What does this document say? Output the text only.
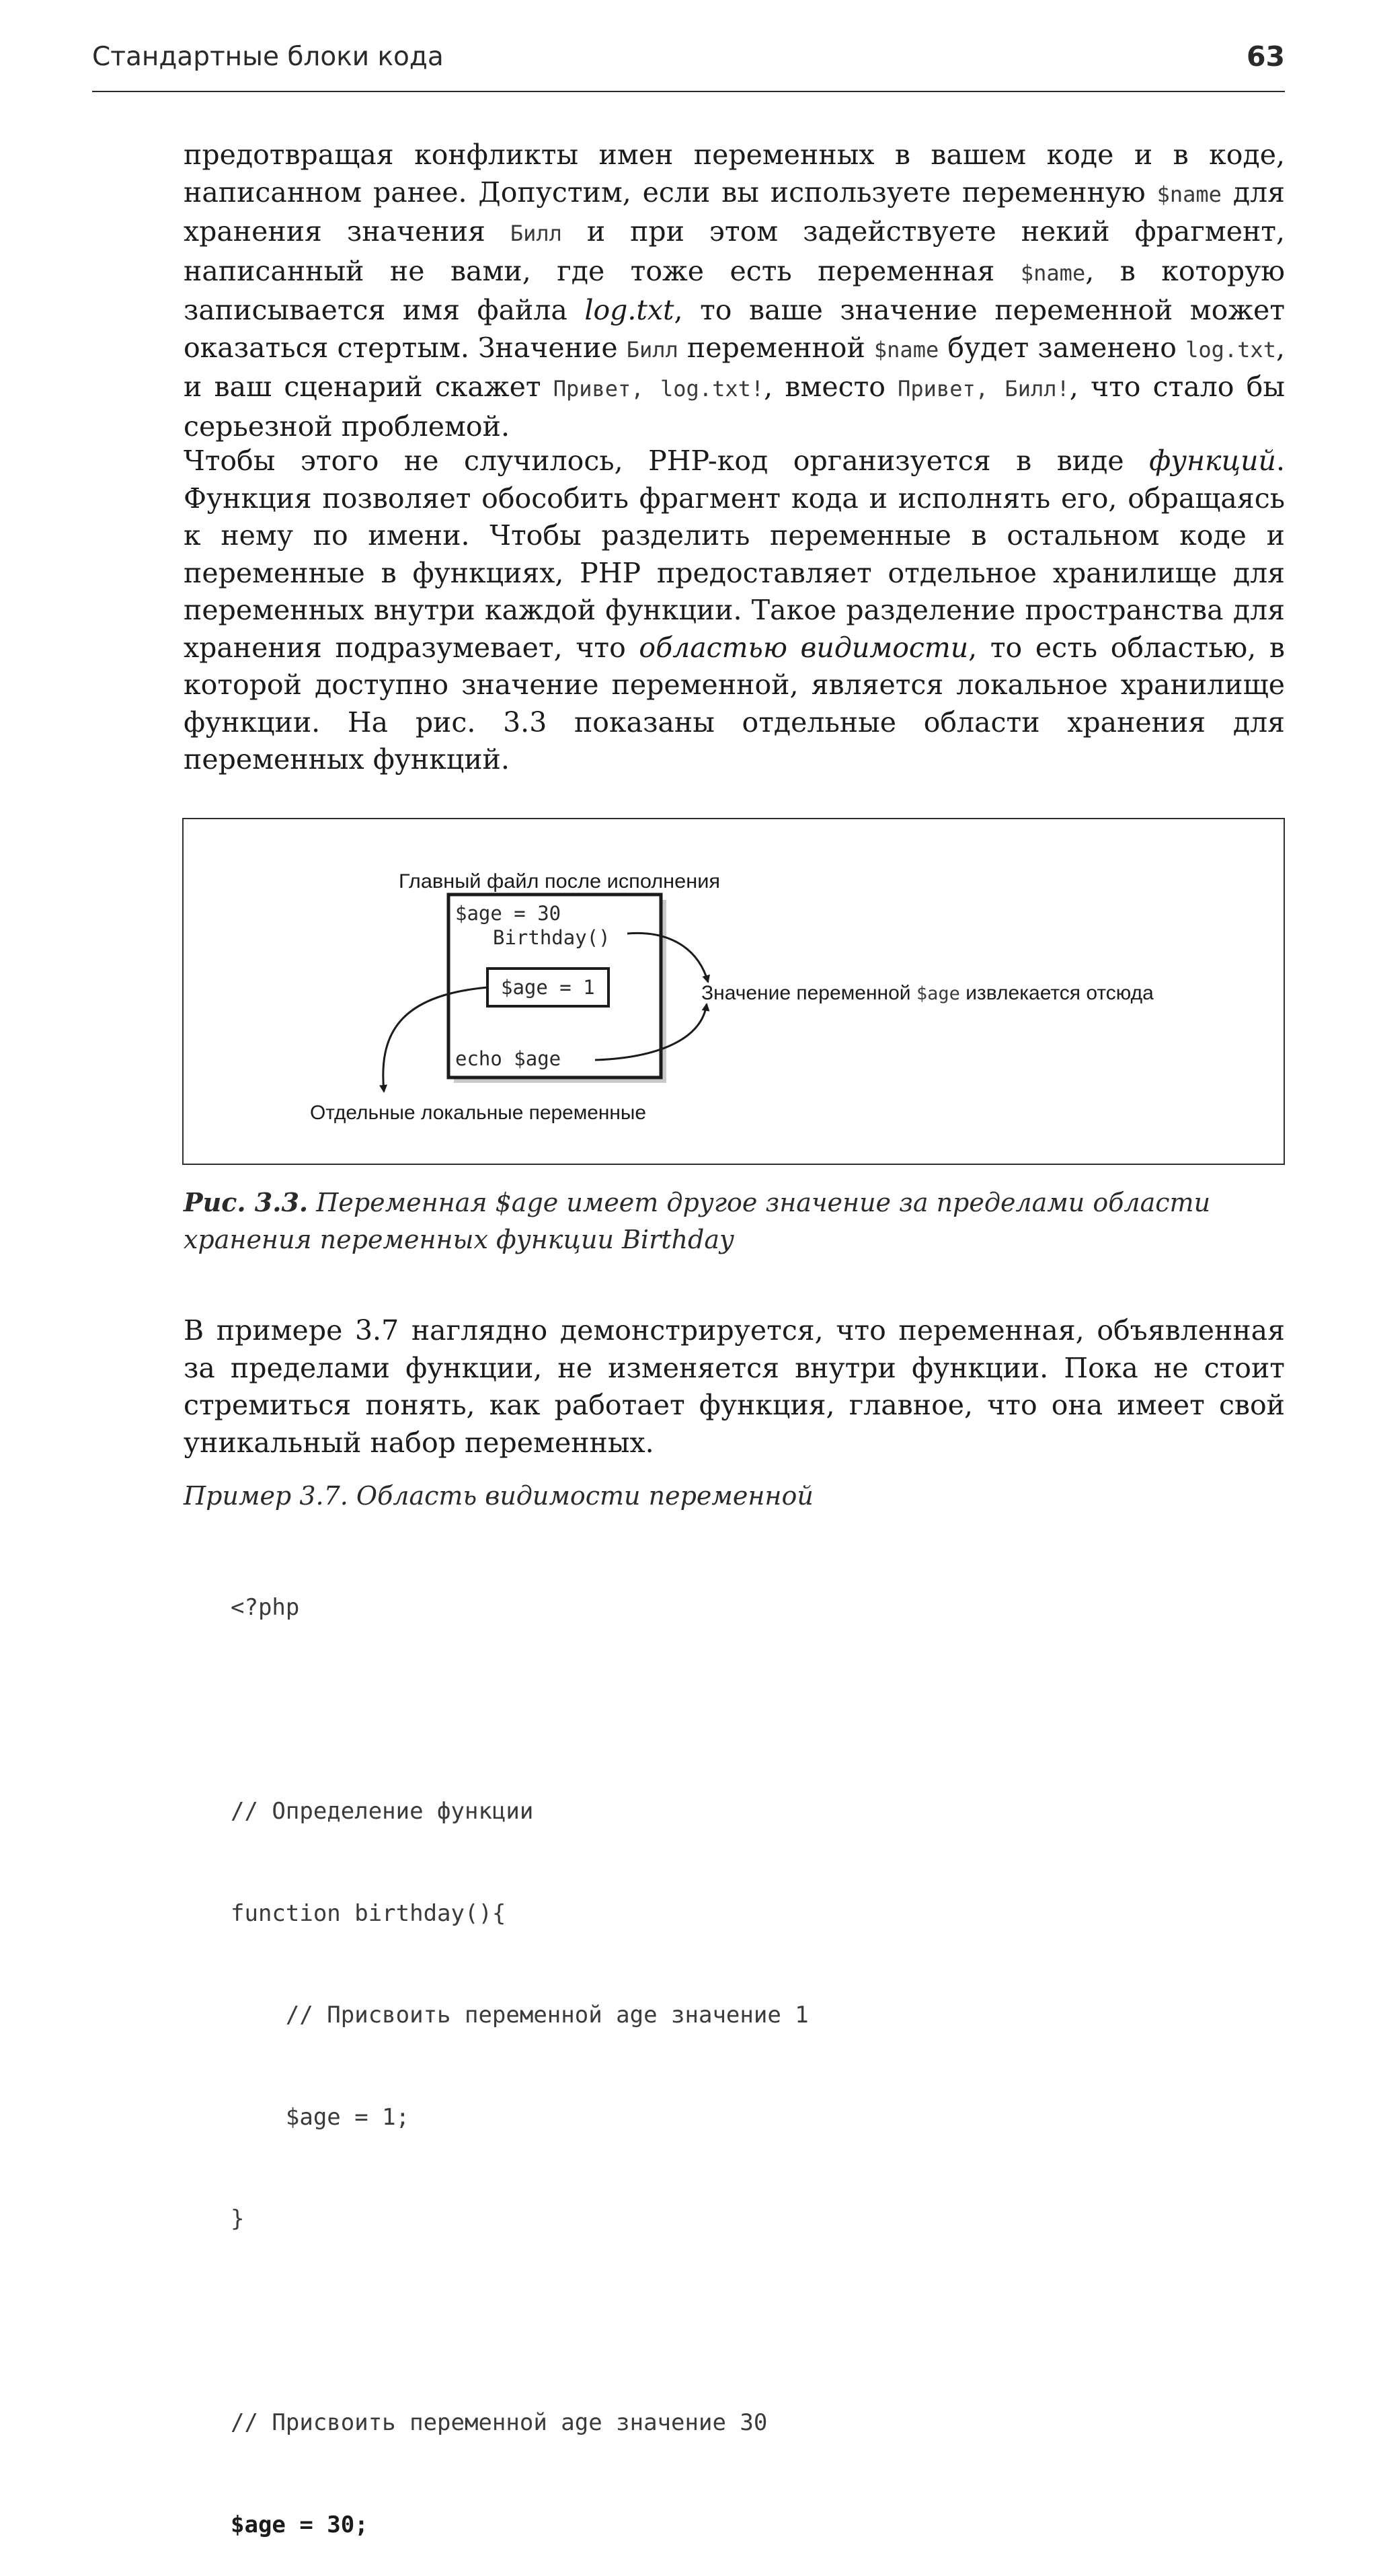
Стандартные блоки кода	63
предотвращая конфликты имен переменных в вашем коде и в коде, написанном ранее. Допустим, если вы используете переменную $name для хранения значения Билл и при этом задействуете некий фрагмент, написанный не вами, где тоже есть переменная $name, в которую записывается имя файла log.txt, то ваше значение переменной может оказаться стертым. Значение Билл переменной $name будет заменено log.txt, и ваш сценарий скажет Привет, log.txt!, вместо Привет, Билл!, что стало бы серьезной проблемой.
Чтобы этого не случилось, PHP-код организуется в виде функций. Функция позволяет обособить фрагмент кода и исполнять его, обращаясь к нему по имени. Чтобы разделить переменные в остальном коде и переменные в функциях, PHP предоставляет отдельное хранилище для переменных внутри каждой функции. Такое разделение пространства для хранения подразумевает, что областью видимости, то есть областью, в которой доступно значение переменной, является локальное хранилище функции. На рис. 3.3 показаны отдельные области хранения для переменных функций.
Главный файл после исполнения
$age = 30
Birthday()
$age = 1
echo $age
Значение переменной $age извлекается отсюда
Отдельные локальные переменные
Рис. 3.3. Переменная $age имеет другое значение за пределами области хранения переменных функции Birthday
В примере 3.7 наглядно демонстрируется, что переменная, объявленная за пределами функции, не изменяется внутри функции. Пока не стоит стремиться понять, как работает функция, главное, что она имеет свой уникальный набор переменных.
Пример 3.7. Область видимости переменной

<?php

// Определение функции

function birthday(){

// Присвоить переменной age значение 1

$age = 1;

}

// Присвоить переменной age значение 30

$age = 30;
